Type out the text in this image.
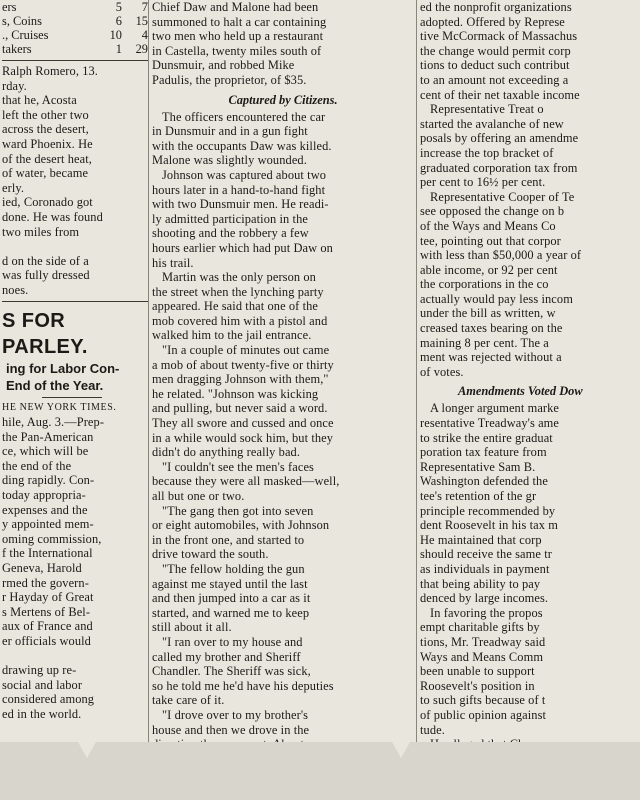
ers	5	7
s, Coins	6	15
., Cruises	10	4
takers	1	29
Ralph Romero, 13.
rday.
that he, Acosta
left the other two
across the desert,
ward Phoenix. He
of the desert heat,
of water, became
erly.
ied, Coronado got
done. He was found
two miles from
d on the side of a
was fully dressed
noes.
S FOR PARLEY.
ing for Labor Con-
End of the Year.
HE NEW YORK TIMES.
hile, Aug. 3.—Prep-
the Pan-American
ce, which will be
the end of the
ding rapidly. Con-
today appropria-
expenses and the
y appointed mem-
oming commission,
f the International
Geneva, Harold
rmed the govern-
r Hayday of Great
s Mertens of Bel-
aux of France and
er officials would
drawing up re-
social and labor
considered among
ed in the world.
Chief Daw and Malone had been
summoned to halt a car containing
two men who held up a restaurant
in Castella, twenty miles south of
Dunsmuir, and robbed Mike
Padulis, the proprietor, of $35.
Captured by Citizens.
The officers encountered the car
in Dunsmuir and in a gun fight
with the occupants Daw was killed.
Malone was slightly wounded.
Johnson was captured about two
hours later in a hand-to-hand fight
with two Dunsmuir men. He readi-
ly admitted participation in the
shooting and the robbery a few
hours earlier which had put Daw on
his trail.
Martin was the only person on
the street when the lynching party
appeared. He said that one of the
mob covered him with a pistol and
walked him to the jail entrance.
"In a couple of minutes out came
a mob of about twenty-five or thirty
men dragging Johnson with them,"
he related. "Johnson was kicking
and pulling, but never said a word.
They all swore and cussed and once
in a while would sock him, but they
didn't do anything really bad.
"I couldn't see the men's faces
because they were all masked—well,
all but one or two.
"The gang then got into seven
or eight automobiles, with Johnson
in the front one, and started to
drive toward the south.
"The fellow holding the gun
against me stayed until the last
and then jumped into a car as it
started, and warned me to keep
still about it all.
"I ran over to my house and
called my brother and Sheriff
Chandler. The Sheriff was sick,
so he told me he'd have his deputies
take care of it.
"I drove over to my brother's
house and then we drove in the
ed the nonprofit organizations
adopted. Offered by Represe
tive McCormack of Massachus
the change would permit corp
tions to deduct such contribut
to an amount not exceeding a
cent of their net taxable income
Representative Treat o
started the avalanche of new
posals by offering an amendme
increase the top bracket of
graduated corporation tax from
per cent to 16½ per cent.
Representative Cooper of Te
see opposed the change on b
of the Ways and Means Co
tee, pointing out that corpor
with less than $50,000 a year of
able income, or 92 per cent
the corporations in the co
actually would pay less incom
under the bill as written, w
creased taxes bearing on the
maining 8 per cent. The a
ment was rejected without a
of votes.
Amendments Voted Dow
A longer argument marke
resentative Treadway's ame
to strike the entire graduat
poration tax feature from
Representative Sam B.
Washington defended the
tee's retention of the gr
principle recommended by
dent Roosevelt in his tax m
He maintained that corp
should receive the same tr
as individuals in payment
that being ability to pay
denced by large incomes.
In favoring the propos
empt charitable gifts by
tions, Mr. Treadway said
Ways and Means Comm
been unable to support
Roosevelt's position in
to such gifts because of t
of public opinion against
tude.
